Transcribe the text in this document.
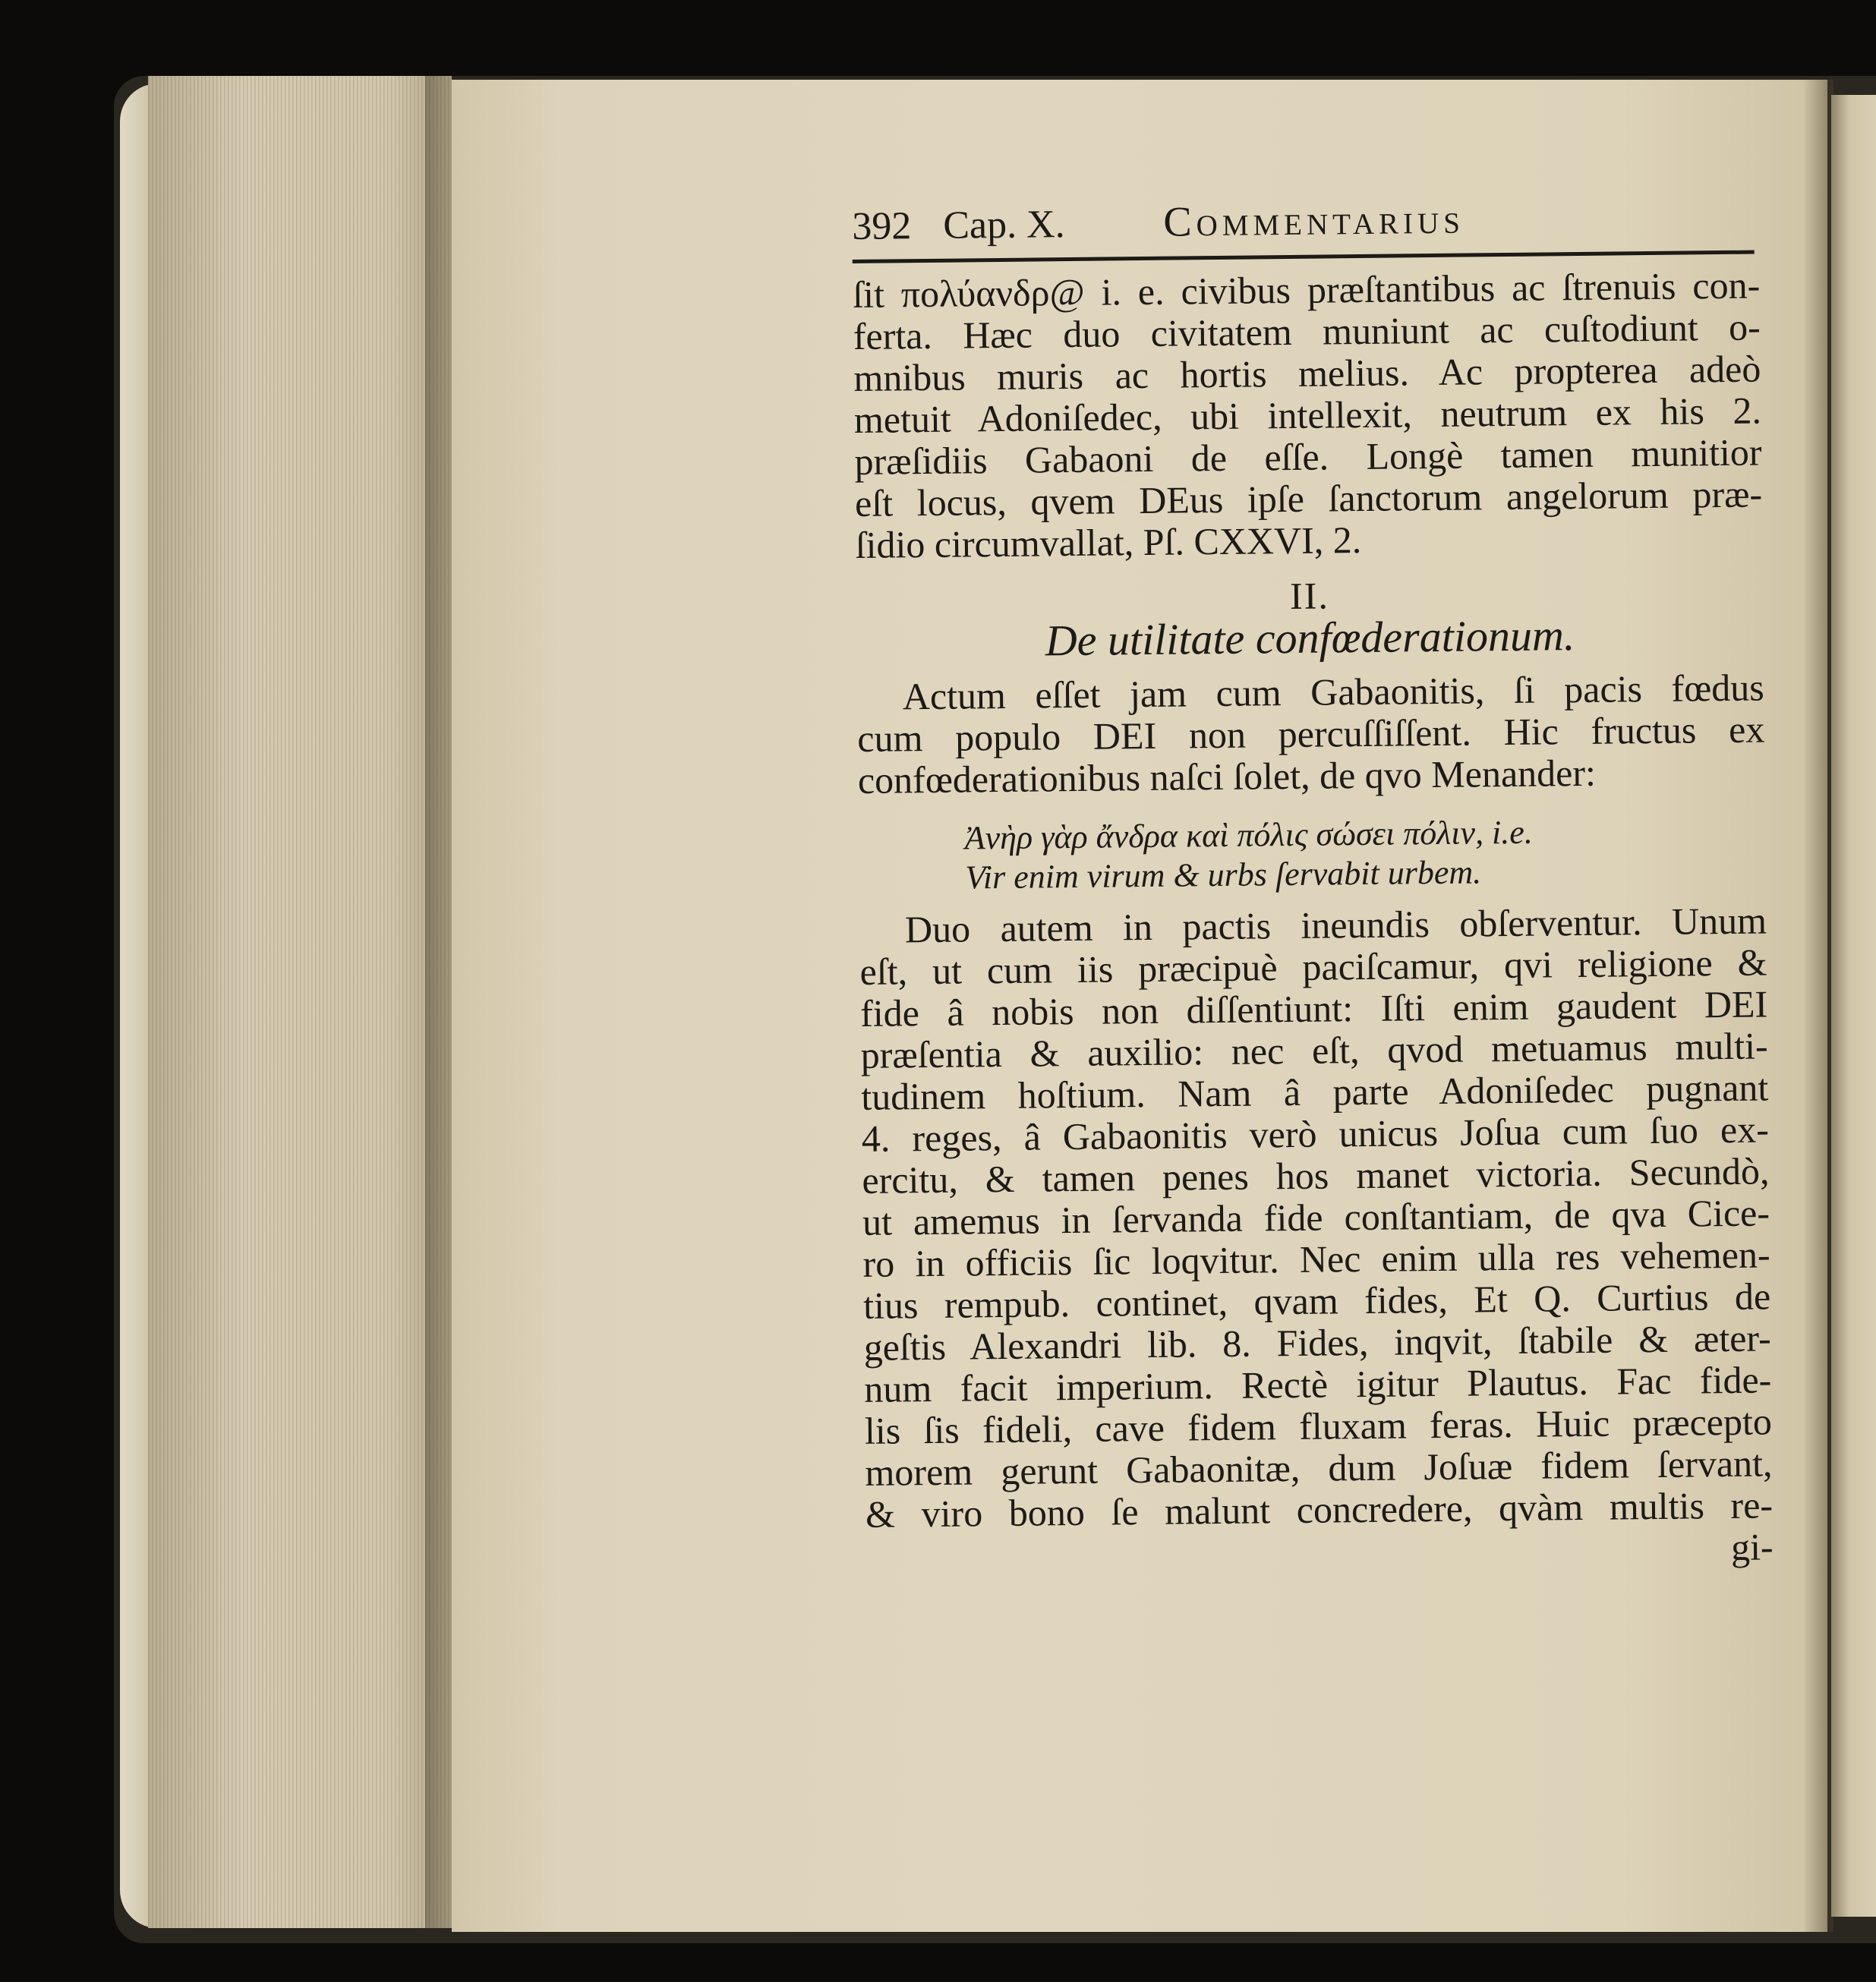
392 Cap. X.	Commentarius
ſit πολύανδρ@ i. e. civibus præſtantibus ac ſtrenuis con-
ferta. Hæc duo civitatem muniunt ac cuſtodiunt o-
mnibus muris ac hortis melius. Ac propterea adeò
metuit Adoniſedec, ubi intellexit, neutrum ex his 2.
præſidiis Gabaoni de eſſe. Longè tamen munitior
eſt locus, qvem DEus ipſe ſanctorum angelorum præ-
ſidio circumvallat, Pſ. CXXVI, 2.
II.
De utilitate confœderationum.
Actum eſſet jam cum Gabaonitis, ſi pacis fœdus
cum populo DEI non percuſſiſſent. Hic fructus ex
confœderationibus naſci ſolet, de qvo Menander:
Ἀνὴρ γὰρ ἄνδρα καὶ πόλις σώσει πόλιν, i.e.
Vir enim virum & urbs ſervabit urbem.
Duo autem in pactis ineundis obſerventur. Unum
eſt, ut cum iis præcipuè paciſcamur, qvi religione &
fide â nobis non diſſentiunt: Iſti enim gaudent DEI
præſentia & auxilio: nec eſt, qvod metuamus multi-
tudinem hoſtium. Nam â parte Adoniſedec pugnant
4. reges, â Gabaonitis verò unicus Joſua cum ſuo ex-
ercitu, & tamen penes hos manet victoria. Secundò,
ut amemus in ſervanda fide conſtantiam, de qva Cice-
ro in officiis ſic loqvitur. Nec enim ulla res vehemen-
tius rempub. continet, qvam fides, Et Q. Curtius de
geſtis Alexandri lib. 8. Fides, inqvit, ſtabile & æter-
num facit imperium. Rectè igitur Plautus. Fac fide-
lis ſis fideli, cave fidem fluxam feras. Huic præcepto
morem gerunt Gabaonitæ, dum Joſuæ fidem ſervant,
& viro bono ſe malunt concredere, qvàm multis re-
gi-
